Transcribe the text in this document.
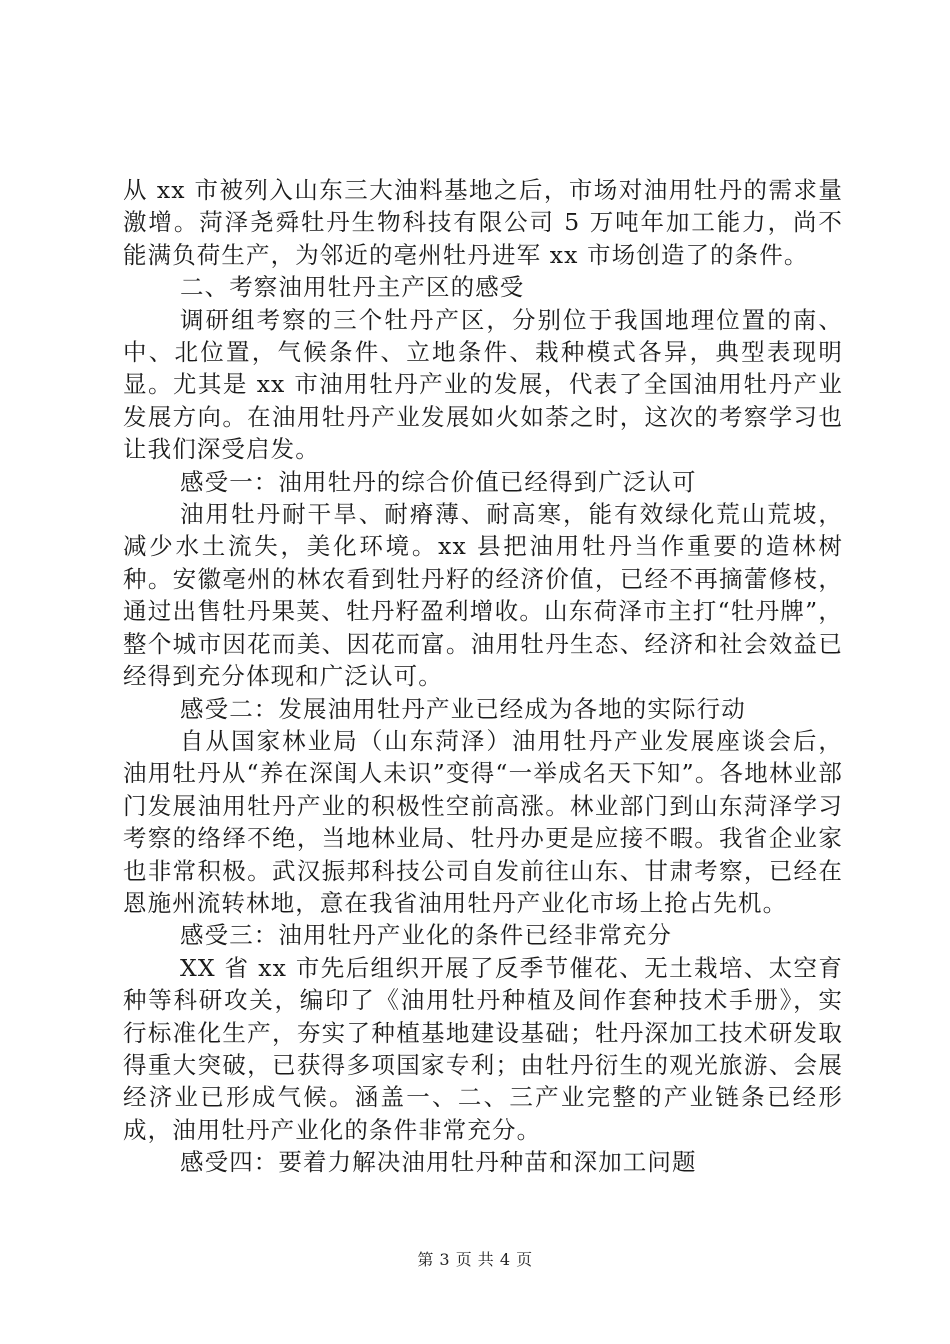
从 xx 市被列入山东三大油料基地之后，市场对油用牡丹的需求量激增。菏泽尧舜牡丹生物科技有限公司 5 万吨年加工能力，尚不能满负荷生产，为邻近的亳州牡丹进军 xx 市场创造了的条件。

二、考察油用牡丹主产区的感受

调研组考察的三个牡丹产区，分别位于我国地理位置的南、中、北位置，气候条件、立地条件、栽种模式各异，典型表现明显。尤其是 xx 市油用牡丹产业的发展，代表了全国油用牡丹产业发展方向。在油用牡丹产业发展如火如荼之时，这次的考察学习也让我们深受启发。

感受一：油用牡丹的综合价值已经得到广泛认可

油用牡丹耐干旱、耐瘠薄、耐高寒，能有效绿化荒山荒坡，减少水土流失，美化环境。xx 县把油用牡丹当作重要的造林树种。安徽亳州的林农看到牡丹籽的经济价值，已经不再摘蕾修枝，通过出售牡丹果荚、牡丹籽盈利增收。山东荷泽市主打“牡丹牌”，整个城市因花而美、因花而富。油用牡丹生态、经济和社会效益已经得到充分体现和广泛认可。

感受二：发展油用牡丹产业已经成为各地的实际行动

自从国家林业局（山东菏泽）油用牡丹产业发展座谈会后，油用牡丹从“养在深闺人未识”变得“一举成名天下知”。各地林业部门发展油用牡丹产业的积极性空前高涨。林业部门到山东菏泽学习考察的络绎不绝，当地林业局、牡丹办更是应接不暇。我省企业家也非常积极。武汉振邦科技公司自发前往山东、甘肃考察，已经在恩施州流转林地，意在我省油用牡丹产业化市场上抢占先机。

感受三：油用牡丹产业化的条件已经非常充分

XX 省 xx 市先后组织开展了反季节催花、无土栽培、太空育种等科研攻关，编印了《油用牡丹种植及间作套种技术手册》，实行标准化生产，夯实了种植基地建设基础；牡丹深加工技术研发取得重大突破，已获得多项国家专利；由牡丹衍生的观光旅游、会展经济业已形成气候。涵盖一、二、三产业完整的产业链条已经形成，油用牡丹产业化的条件非常充分。

感受四：要着力解决油用牡丹种苗和深加工问题

第 3 页 共 4 页
